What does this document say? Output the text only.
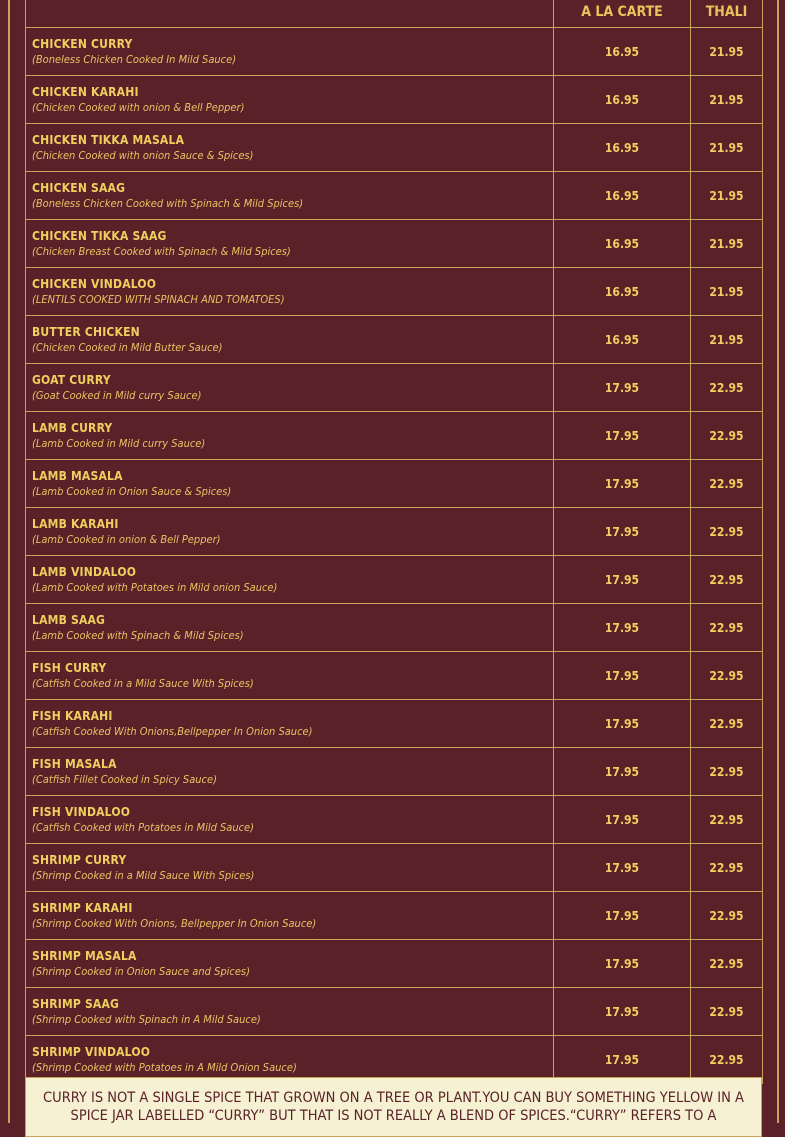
	A LA CARTE	THALI

CHICKEN CURRY
(Boneless Chicken Cooked In Mild Sauce)	16.95	21.95

CHICKEN KARAHI
(Chicken Cooked with onion & Bell Pepper)	16.95	21.95

CHICKEN TIKKA MASALA
(Chicken Cooked with onion Sauce & Spices)	16.95	21.95

CHICKEN SAAG
(Boneless Chicken Cooked with Spinach & Mild Spices)	16.95	21.95

CHICKEN TIKKA SAAG
(Chicken Breast Cooked with Spinach & Mild Spices)	16.95	21.95

CHICKEN VINDALOO
(LENTILS COOKED WITH SPINACH AND TOMATOES)	16.95	21.95

BUTTER CHICKEN
(Chicken Cooked in Mild Butter Sauce)	16.95	21.95

GOAT CURRY
(Goat Cooked in Mild curry Sauce)	17.95	22.95

LAMB CURRY
(Lamb Cooked in Mild curry Sauce)	17.95	22.95

LAMB MASALA
(Lamb Cooked in Onion Sauce & Spices)	17.95	22.95

LAMB KARAHI
(Lamb Cooked in onion & Bell Pepper)	17.95	22.95

LAMB VINDALOO
(Lamb Cooked with Potatoes in Mild onion Sauce)	17.95	22.95

LAMB SAAG
(Lamb Cooked with Spinach & Mild Spices)	17.95	22.95

FISH CURRY
(Catfish Cooked in a Mild Sauce With Spices)	17.95	22.95

FISH KARAHI
(Catfish Cooked With Onions,Bellpepper In Onion Sauce)	17.95	22.95

FISH MASALA
(Catfish Fillet Cooked in Spicy Sauce)	17.95	22.95

FISH VINDALOO
(Catfish Cooked with Potatoes in Mild Sauce)	17.95	22.95

SHRIMP CURRY
(Shrimp Cooked in a Mild Sauce With Spices)	17.95	22.95

SHRIMP KARAHI
(Shrimp Cooked With Onions, Bellpepper In Onion Sauce)	17.95	22.95

SHRIMP MASALA
(Shrimp Cooked in Onion Sauce and Spices)	17.95	22.95

SHRIMP SAAG
(Shrimp Cooked with Spinach in A Mild Sauce)	17.95	22.95

SHRIMP VINDALOO
(Shrimp Cooked with Potatoes in A Mild Onion Sauce)	17.95	22.95
CURRY IS NOT A SINGLE SPICE THAT GROWN ON A TREE OR PLANT.YOU CAN BUY SOMETHING YELLOW IN A SPICE JAR LABELLED “CURRY” BUT THAT IS NOT REALLY A BLEND OF SPICES.“CURRY” REFERS TO A
